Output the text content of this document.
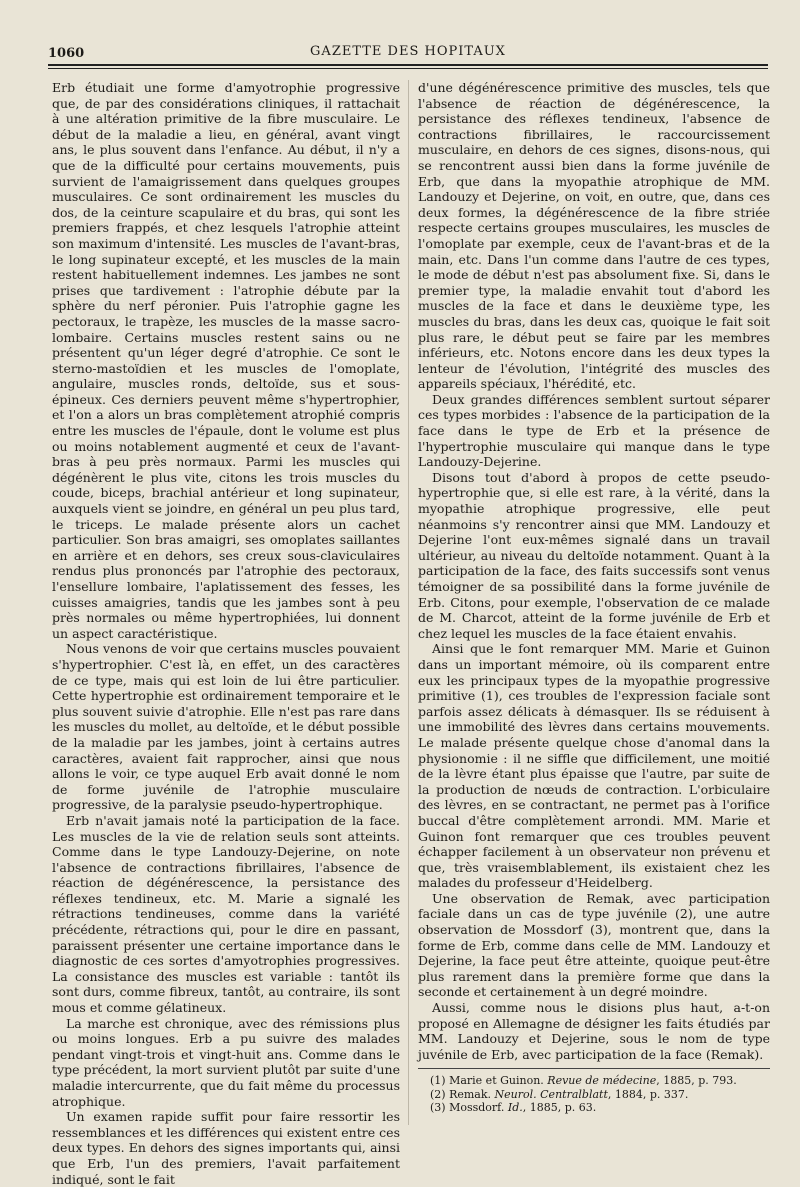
1060	GAZETTE DES HOPITAUX

Erb étudiait une forme d'amyotrophie progressive que, de par des considérations cliniques, il rattachait à une altération primitive de la fibre musculaire. Le début de la maladie a lieu, en général, avant vingt ans, le plus souvent dans l'enfance. Au début, il n'y a que de la difficulté pour certains mouvements, puis survient de l'amaigrissement dans quelques groupes musculaires. Ce sont ordinairement les muscles du dos, de la ceinture scapulaire et du bras, qui sont les premiers frappés, et chez lesquels l'atrophie atteint son maximum d'intensité. Les muscles de l'avant-bras, le long supinateur excepté, et les muscles de la main restent habituellement indemnes. Les jambes ne sont prises que tardivement : l'atrophie débute par la sphère du nerf péronier. Puis l'atrophie gagne les pectoraux, le trapèze, les muscles de la masse sacro-lombaire. Certains muscles restent sains ou ne présentent qu'un léger degré d'atrophie. Ce sont le sterno-mastoïdien et les muscles de l'omoplate, angulaire, muscles ronds, deltoïde, sus et sous-épineux. Ces derniers peuvent même s'hypertrophier, et l'on a alors un bras complètement atrophié compris entre les muscles de l'épaule, dont le volume est plus ou moins notablement augmenté et ceux de l'avant-bras à peu près normaux. Parmi les muscles qui dégénèrent le plus vite, citons les trois muscles du coude, biceps, brachial antérieur et long supinateur, auxquels vient se joindre, en général un peu plus tard, le triceps. Le malade présente alors un cachet particulier. Son bras amaigri, ses omoplates saillantes en arrière et en dehors, ses creux sous-claviculaires rendus plus prononcés par l'atrophie des pectoraux, l'ensellure lombaire, l'aplatissement des fesses, les cuisses amaigries, tandis que les jambes sont à peu près normales ou même hypertrophiées, lui donnent un aspect caractéristique.

Nous venons de voir que certains muscles pouvaient s'hypertrophier. C'est là, en effet, un des caractères de ce type, mais qui est loin de lui être particulier. Cette hypertrophie est ordinairement temporaire et le plus souvent suivie d'atrophie. Elle n'est pas rare dans les muscles du mollet, au deltoïde, et le début possible de la maladie par les jambes, joint à certains autres caractères, avaient fait rapprocher, ainsi que nous allons le voir, ce type auquel Erb avait donné le nom de forme juvénile de l'atrophie musculaire progressive, de la paralysie pseudo-hypertrophique.

Erb n'avait jamais noté la participation de la face. Les muscles de la vie de relation seuls sont atteints. Comme dans le type Landouzy-Dejerine, on note l'absence de contractions fibrillaires, l'absence de réaction de dégénérescence, la persistance des réflexes tendineux, etc. M. Marie a signalé les rétractions tendineuses, comme dans la variété précédente, rétractions qui, pour le dire en passant, paraissent présenter une certaine importance dans le diagnostic de ces sortes d'amyotrophies progressives. La consistance des muscles est variable : tantôt ils sont durs, comme fibreux, tantôt, au contraire, ils sont mous et comme gélatineux.

La marche est chronique, avec des rémissions plus ou moins longues. Erb a pu suivre des malades pendant vingt-trois et vingt-huit ans. Comme dans le type précédent, la mort survient plutôt par suite d'une maladie intercurrente, que du fait même du processus atrophique.

Un examen rapide suffit pour faire ressortir les ressemblances et les différences qui existent entre ces deux types. En dehors des signes importants qui, ainsi que Erb, l'un des premiers, l'avait parfaitement indiqué, sont le fait

d'une dégénérescence primitive des muscles, tels que l'absence de réaction de dégénérescence, la persistance des réflexes tendineux, l'absence de contractions fibrillaires, le raccourcissement musculaire, en dehors de ces signes, disons-nous, qui se rencontrent aussi bien dans la forme juvénile de Erb, que dans la myopathie atrophique de MM. Landouzy et Dejerine, on voit, en outre, que, dans ces deux formes, la dégénérescence de la fibre striée respecte certains groupes musculaires, les muscles de l'omoplate par exemple, ceux de l'avant-bras et de la main, etc. Dans l'un comme dans l'autre de ces types, le mode de début n'est pas absolument fixe. Si, dans le premier type, la maladie envahit tout d'abord les muscles de la face et dans le deuxième type, les muscles du bras, dans les deux cas, quoique le fait soit plus rare, le début peut se faire par les membres inférieurs, etc. Notons encore dans les deux types la lenteur de l'évolution, l'intégrité des muscles des appareils spéciaux, l'hérédité, etc.

Deux grandes différences semblent surtout séparer ces types morbides : l'absence de la participation de la face dans le type de Erb et la présence de l'hypertrophie musculaire qui manque dans le type Landouzy-Dejerine.

Disons tout d'abord à propos de cette pseudo-hypertrophie que, si elle est rare, à la vérité, dans la myopathie atrophique progressive, elle peut néanmoins s'y rencontrer ainsi que MM. Landouzy et Dejerine l'ont eux-mêmes signalé dans un travail ultérieur, au niveau du deltoïde notamment. Quant à la participation de la face, des faits successifs sont venus témoigner de sa possibilité dans la forme juvénile de Erb. Citons, pour exemple, l'observation de ce malade de M. Charcot, atteint de la forme juvénile de Erb et chez lequel les muscles de la face étaient envahis.

Ainsi que le font remarquer MM. Marie et Guinon dans un important mémoire, où ils comparent entre eux les principaux types de la myopathie progressive primitive (1), ces troubles de l'expression faciale sont parfois assez délicats à démasquer. Ils se réduisent à une immobilité des lèvres dans certains mouvements. Le malade présente quelque chose d'anomal dans la physionomie : il ne siffle que difficilement, une moitié de la lèvre étant plus épaisse que l'autre, par suite de la production de nœuds de contraction. L'orbiculaire des lèvres, en se contractant, ne permet pas à l'orifice buccal d'être complètement arrondi. MM. Marie et Guinon font remarquer que ces troubles peuvent échapper facilement à un observateur non prévenu et que, très vraisemblablement, ils existaient chez les malades du professeur d'Heidelberg.

Une observation de Remak, avec participation faciale dans un cas de type juvénile (2), une autre observation de Mossdorf (3), montrent que, dans la forme de Erb, comme dans celle de MM. Landouzy et Dejerine, la face peut être atteinte, quoique peut-être plus rarement dans la première forme que dans la seconde et certainement à un degré moindre.

Aussi, comme nous le disions plus haut, a-t-on proposé en Allemagne de désigner les faits étudiés par MM. Landouzy et Dejerine, sous le nom de type juvénile de Erb, avec participation de la face (Remak).

(1) Marie et Guinon. Revue de médecine, 1885, p. 793.
(2) Remak. Neurol. Centralblatt, 1884, p. 337.
(3) Mossdorf. Id., 1885, p. 63.
